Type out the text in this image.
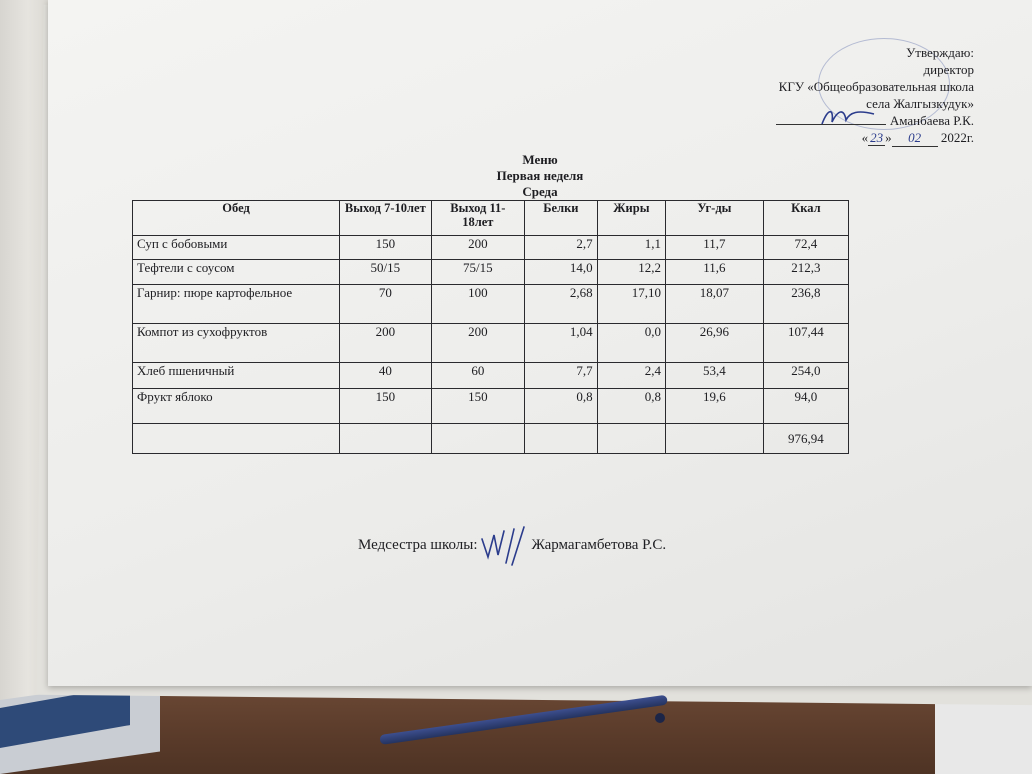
Утверждаю:
директор
КГУ «Общеобразовательная школа
села Жалгызкудук»
Аманбаева Р.К.
« 23 » 02 2022г.
Меню
Первая неделя
Среда
Обед	Выход 7-10лет	Выход 11-18лет	Белки	Жиры	Уг-ды	Ккал
Суп с бобовыми	150	200	2,7	1,1	11,7	72,4
Тефтели с соусом	50/15	75/15	14,0	12,2	11,6	212,3
Гарнир: пюре картофельное	70	100	2,68	17,10	18,07	236,8
Компот из сухофруктов	200	200	1,04	0,0	26,96	107,44
Хлеб пшеничный	40	60	7,7	2,4	53,4	254,0
Фрукт яблоко	150	150	0,8	0,8	19,6	94,0
						976,94
Медсестра школы:	Жармагамбетова Р.С.
